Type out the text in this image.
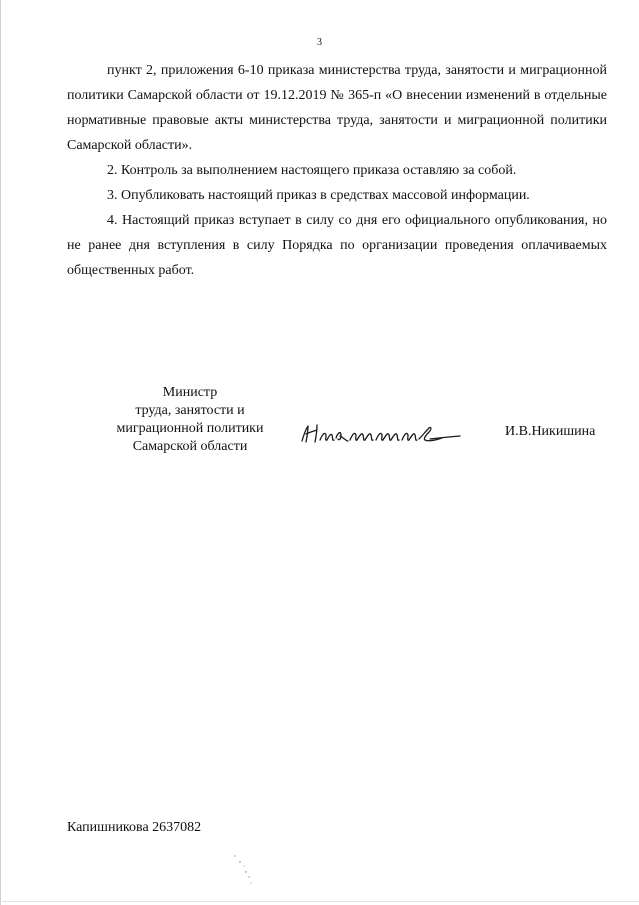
3

пункт 2, приложения 6-10 приказа министерства труда, занятости и миграционной политики Самарской области от 19.12.2019 № 365-п «О внесении изменений в отдельные нормативные правовые акты министерства труда, занятости и миграционной политики Самарской области».

2. Контроль за выполнением настоящего приказа оставляю за собой.

3. Опубликовать настоящий приказ в средствах массовой информации.

4. Настоящий приказ вступает в силу со дня его официального опубликования, но не ранее дня вступления в силу Порядка по организации проведения оплачиваемых общественных работ.

Министр
труда, занятости и
миграционной политики
Самарской области
И.В.Никишина
Капишникова 2637082
